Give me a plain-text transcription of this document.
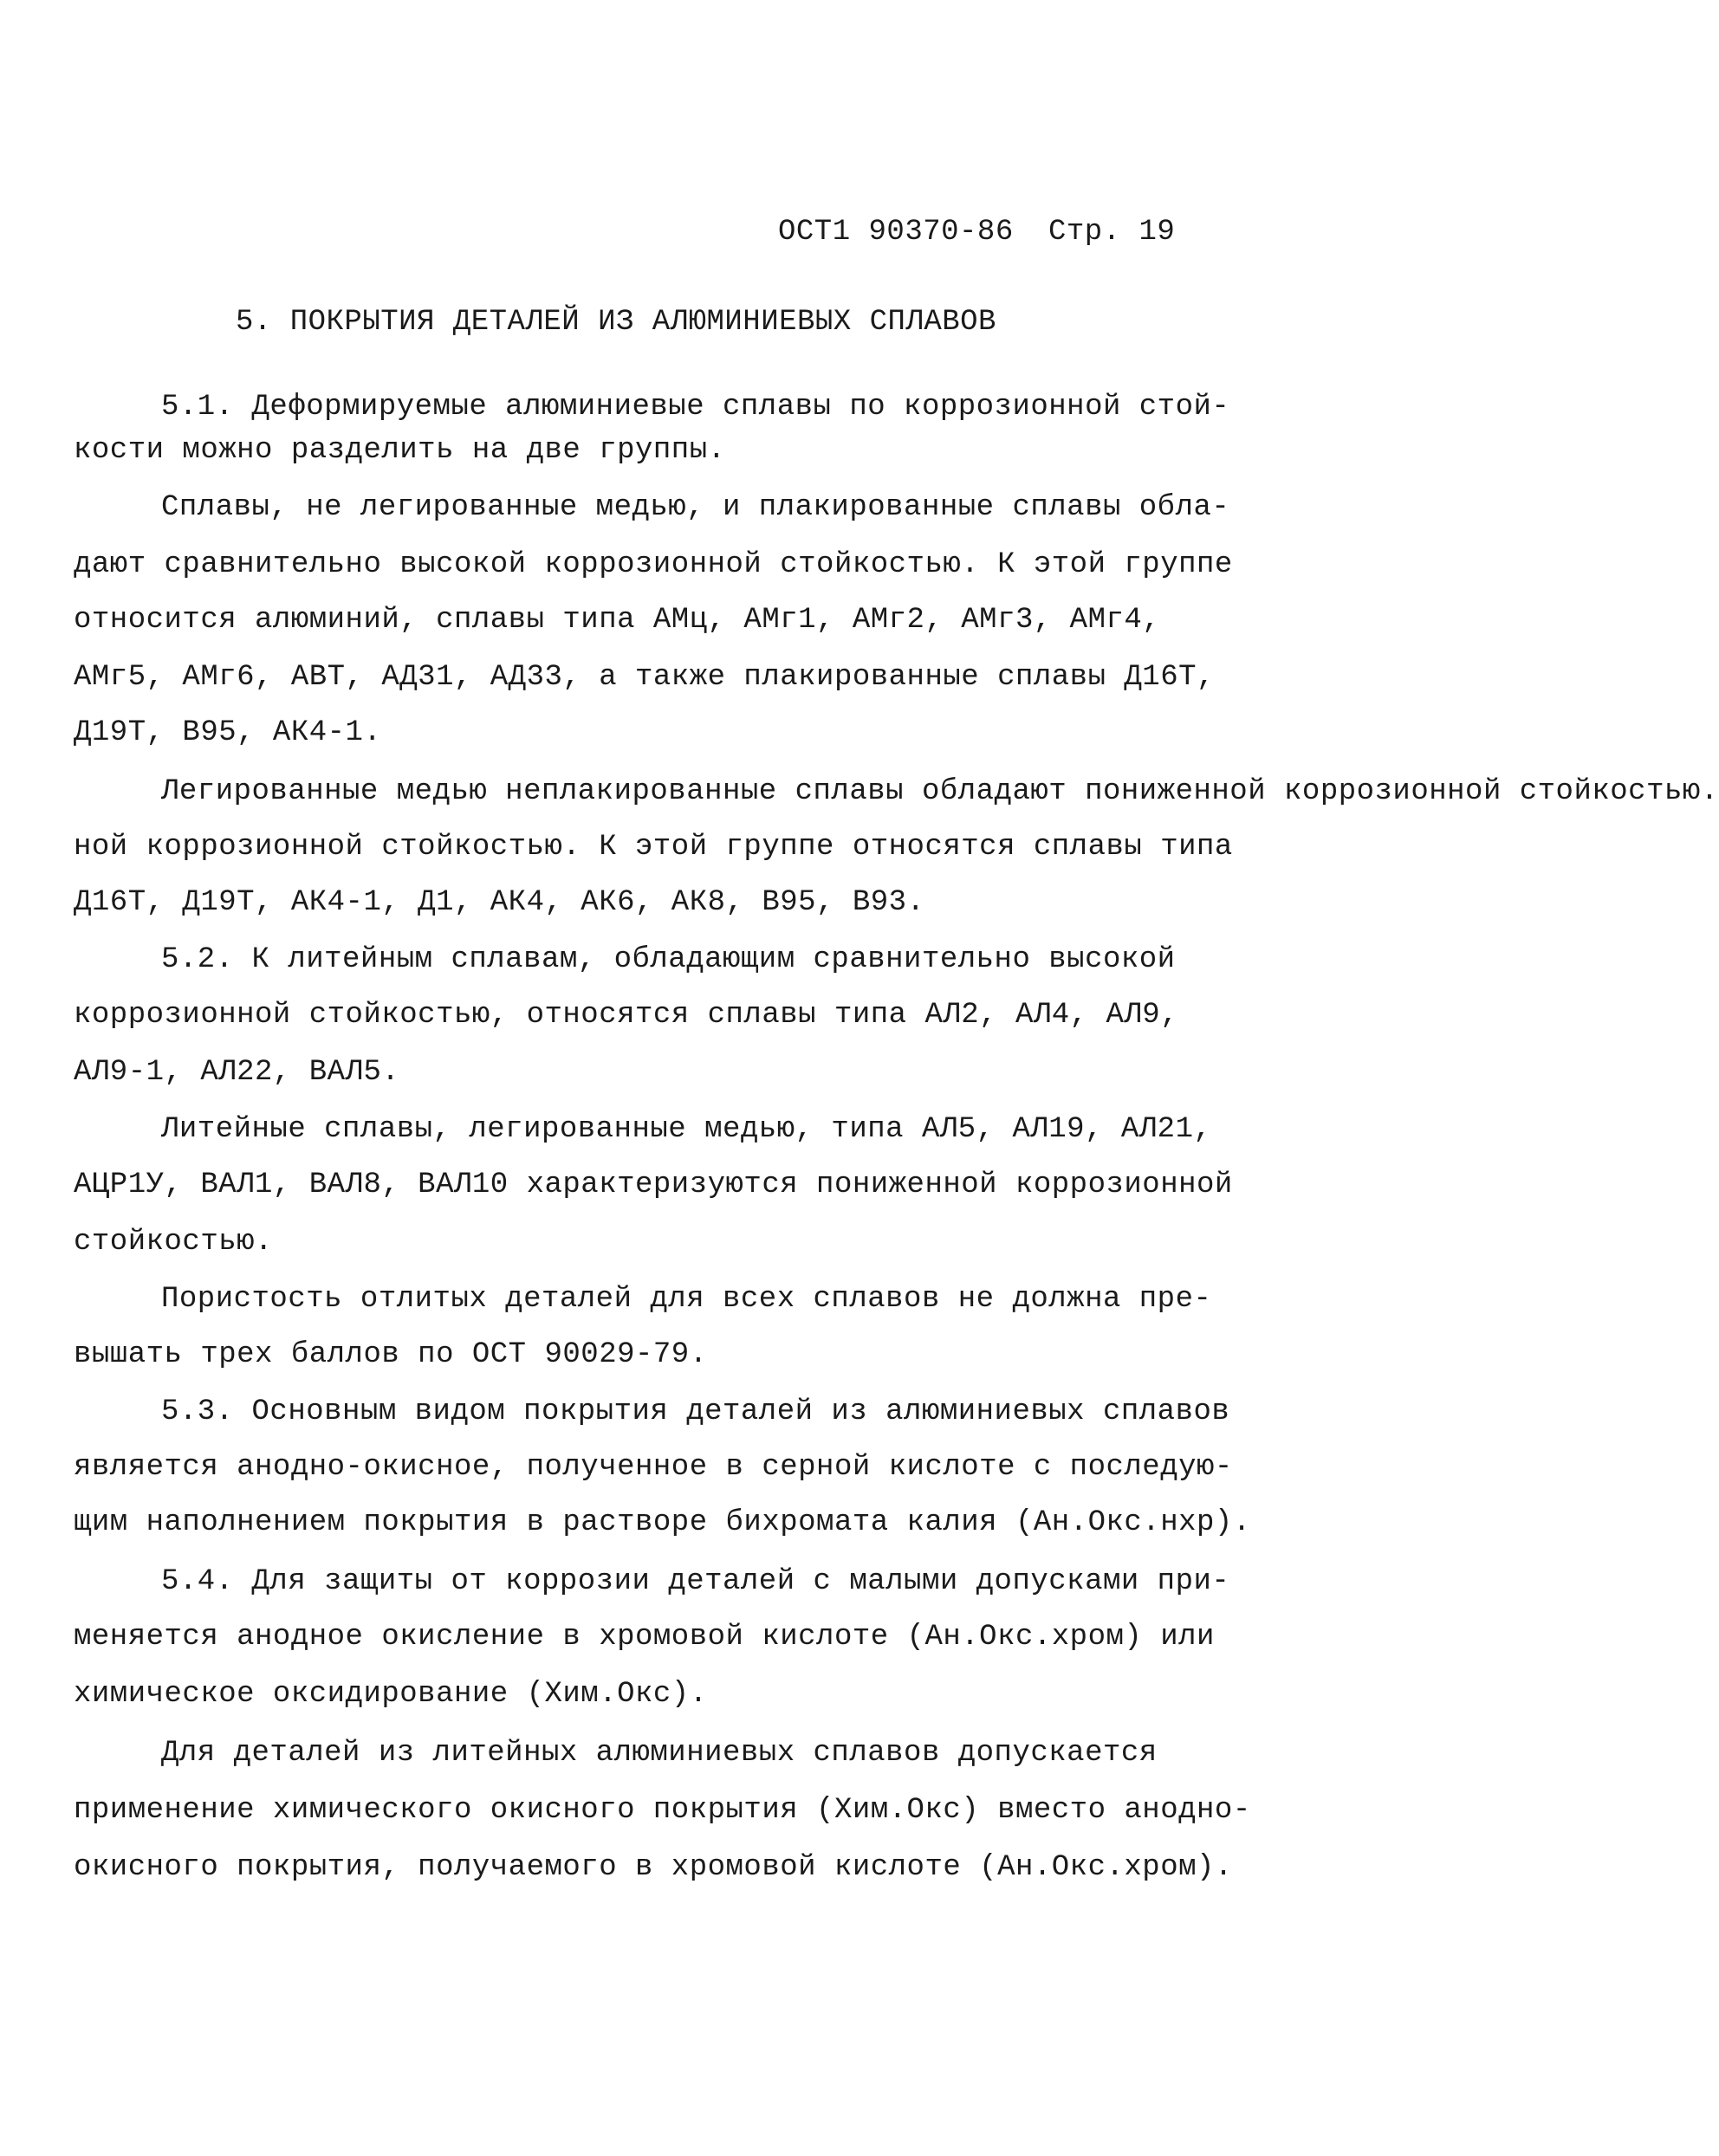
ОСТ1 90370-86 Стр. 19
5. ПОКРЫТИЯ ДЕТАЛЕЙ ИЗ АЛЮМИНИЕВЫХ СПЛАВОВ
5.1. Деформируемые алюминиевые сплавы по коррозионной стой-
кости можно разделить на две группы.
Сплавы, не легированные медью, и плакированные сплавы обла-
дают сравнительно высокой коррозионной стойкостью. К этой группе
относится алюминий, сплавы типа АМц, АМг1, АМг2, АМг3, АМг4,
АМг5, АМг6, АВТ, АД31, АД33, а также плакированные сплавы Д16Т,
Д19Т, В95, АК4-1.
Легированные медью неплакированные сплавы обладают пониженной коррозионной стойкостью.
ной коррозионной стойкостью. К этой группе относятся сплавы типа
Д16Т, Д19Т, АК4-1, Д1, АК4, АК6, АК8, В95, В93.
5.2. К литейным сплавам, обладающим сравнительно высокой
коррозионной стойкостью, относятся сплавы типа АЛ2, АЛ4, АЛ9,
АЛ9-1, АЛ22, ВАЛ5.
Литейные сплавы, легированные медью, типа АЛ5, АЛ19, АЛ21,
АЦР1У, ВАЛ1, ВАЛ8, ВАЛ10 характеризуются пониженной коррозионной
стойкостью.
Пористость отлитых деталей для всех сплавов не должна пре-
вышать трех баллов по ОСТ 90029-79.
5.3. Основным видом покрытия деталей из алюминиевых сплавов
является анодно-окисное, полученное в серной кислоте с последую-
щим наполнением покрытия в растворе бихромата калия (Ан.Окс.нхр).
5.4. Для защиты от коррозии деталей с малыми допусками при-
меняется анодное окисление в хромовой кислоте (Ан.Окс.хром) или
химическое оксидирование (Хим.Окс).
Для деталей из литейных алюминиевых сплавов допускается
применение химического окисного покрытия (Хим.Окс) вместо анодно-
окисного покрытия, получаемого в хромовой кислоте (Ан.Окс.хром).
